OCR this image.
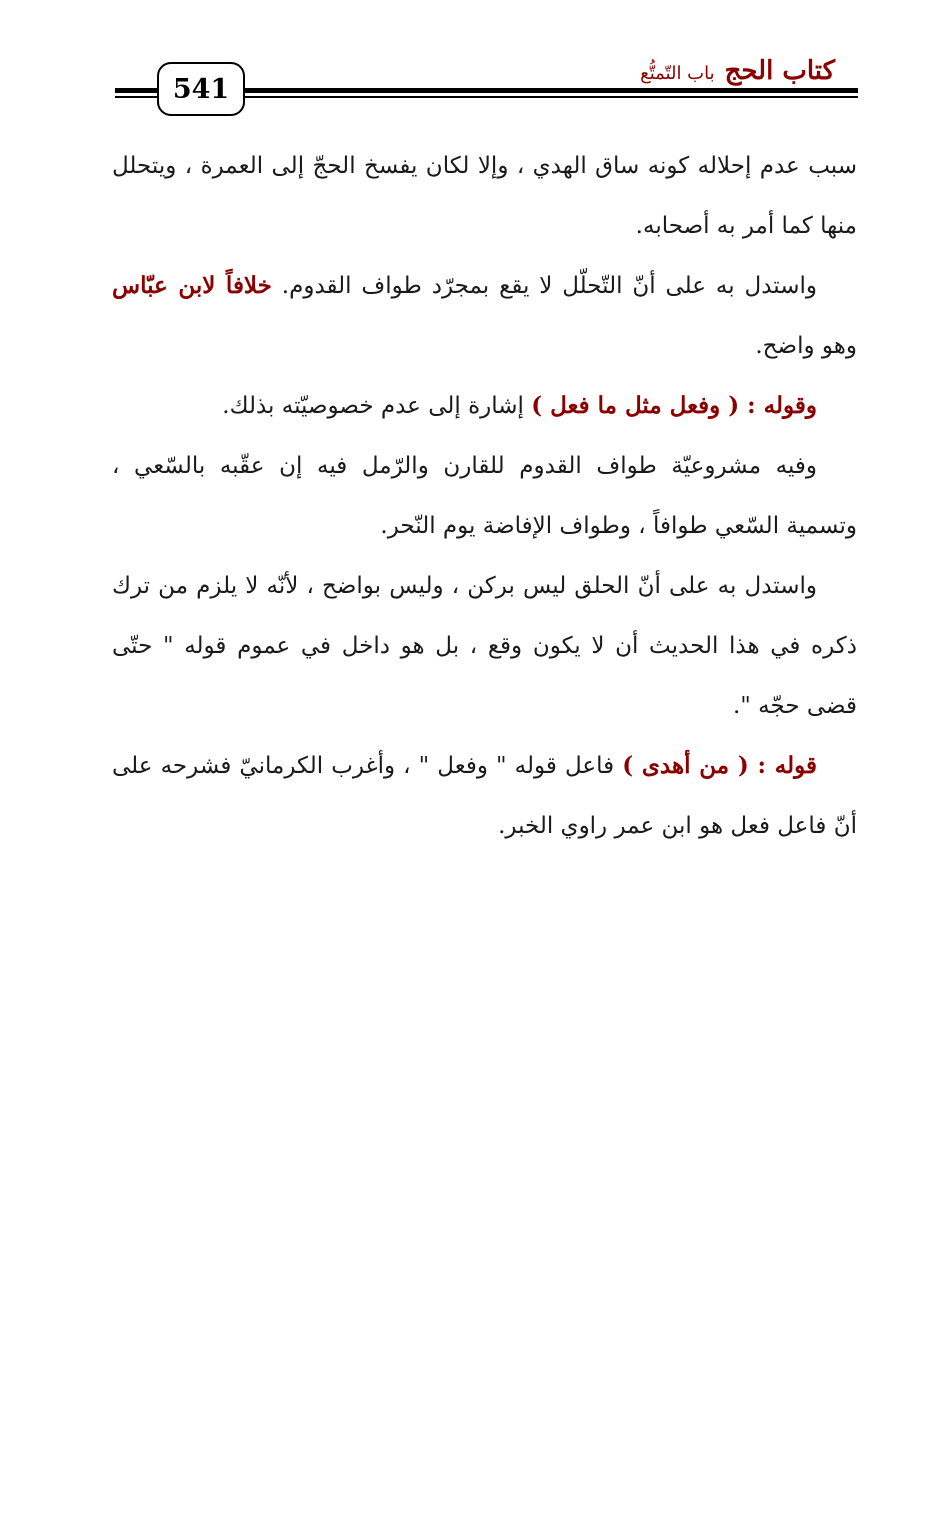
541
كتاب الحج
باب التّمتُّع

سبب عدم إحلاله كونه ساق الهدي ، وإلا لكان يفسخ الحجّ إلى العمرة ، ويتحلل منها كما أمر به أصحابه.

واستدل به على أنّ التّحلّل لا يقع بمجرّد طواف القدوم. خلافاً لابن عبّاس وهو واضح.

وقوله : ( وفعل مثل ما فعل ) إشارة إلى عدم خصوصيّته بذلك.

وفيه مشروعيّة طواف القدوم للقارن والرّمل فيه إن عقّبه بالسّعي ، وتسمية السّعي طوافاً ، وطواف الإفاضة يوم النّحر.

واستدل به على أنّ الحلق ليس بركن ، وليس بواضح ، لأنّه لا يلزم من ترك ذكره في هذا الحديث أن لا يكون وقع ، بل هو داخل في عموم قوله " حتّى قضى حجّه ".

قوله : ( من أهدى ) فاعل قوله " وفعل " ، وأغرب الكرمانيّ فشرحه على أنّ فاعل فعل هو ابن عمر راوي الخبر.
